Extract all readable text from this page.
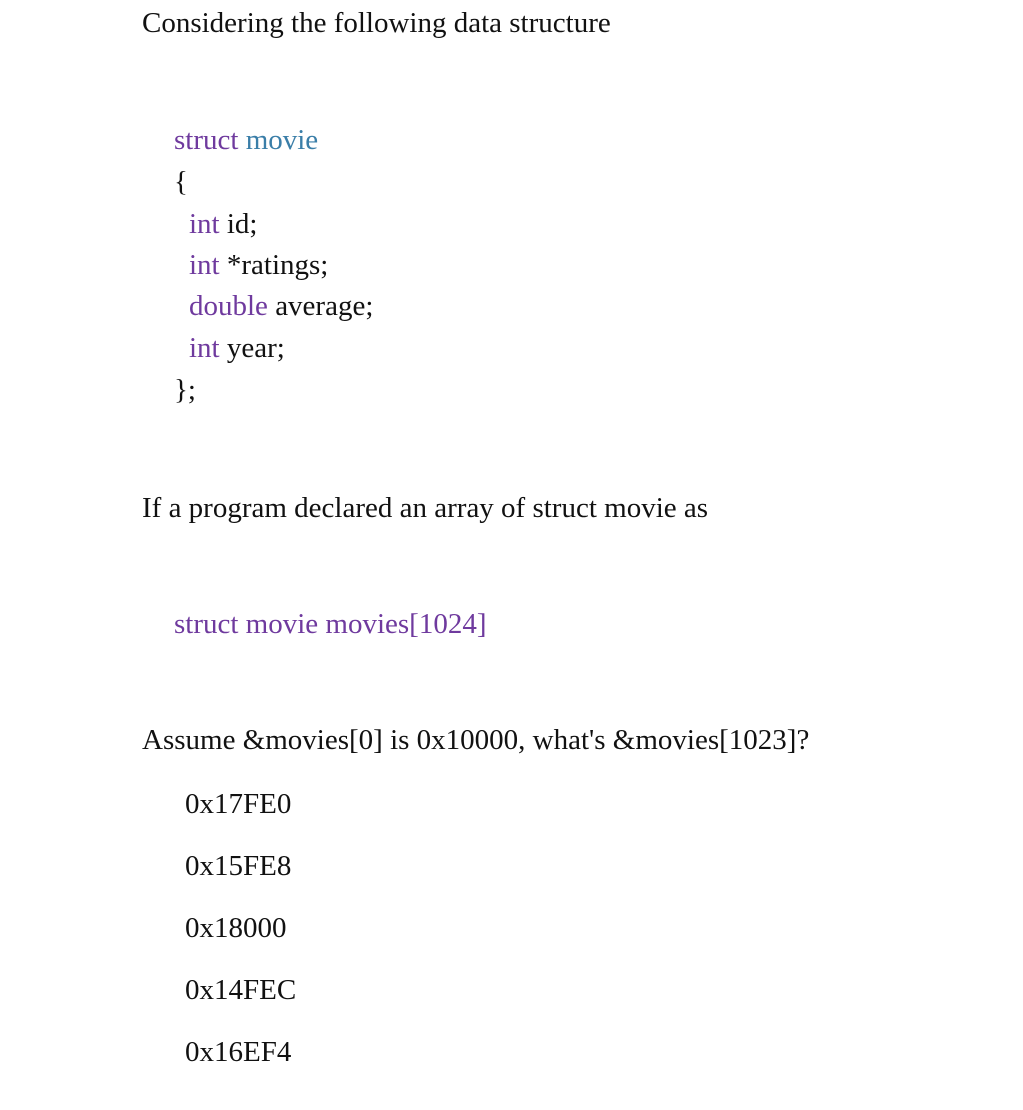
Considering the following data structure
struct movie
{
int id;
int *ratings;
double average;
int year;
};
If a program declared an array of struct movie as
struct movie movies[1024]
Assume &movies[0] is 0x10000, what's &movies[1023]?
0x17FE0
0x15FE8
0x18000
0x14FEC
0x16EF4
